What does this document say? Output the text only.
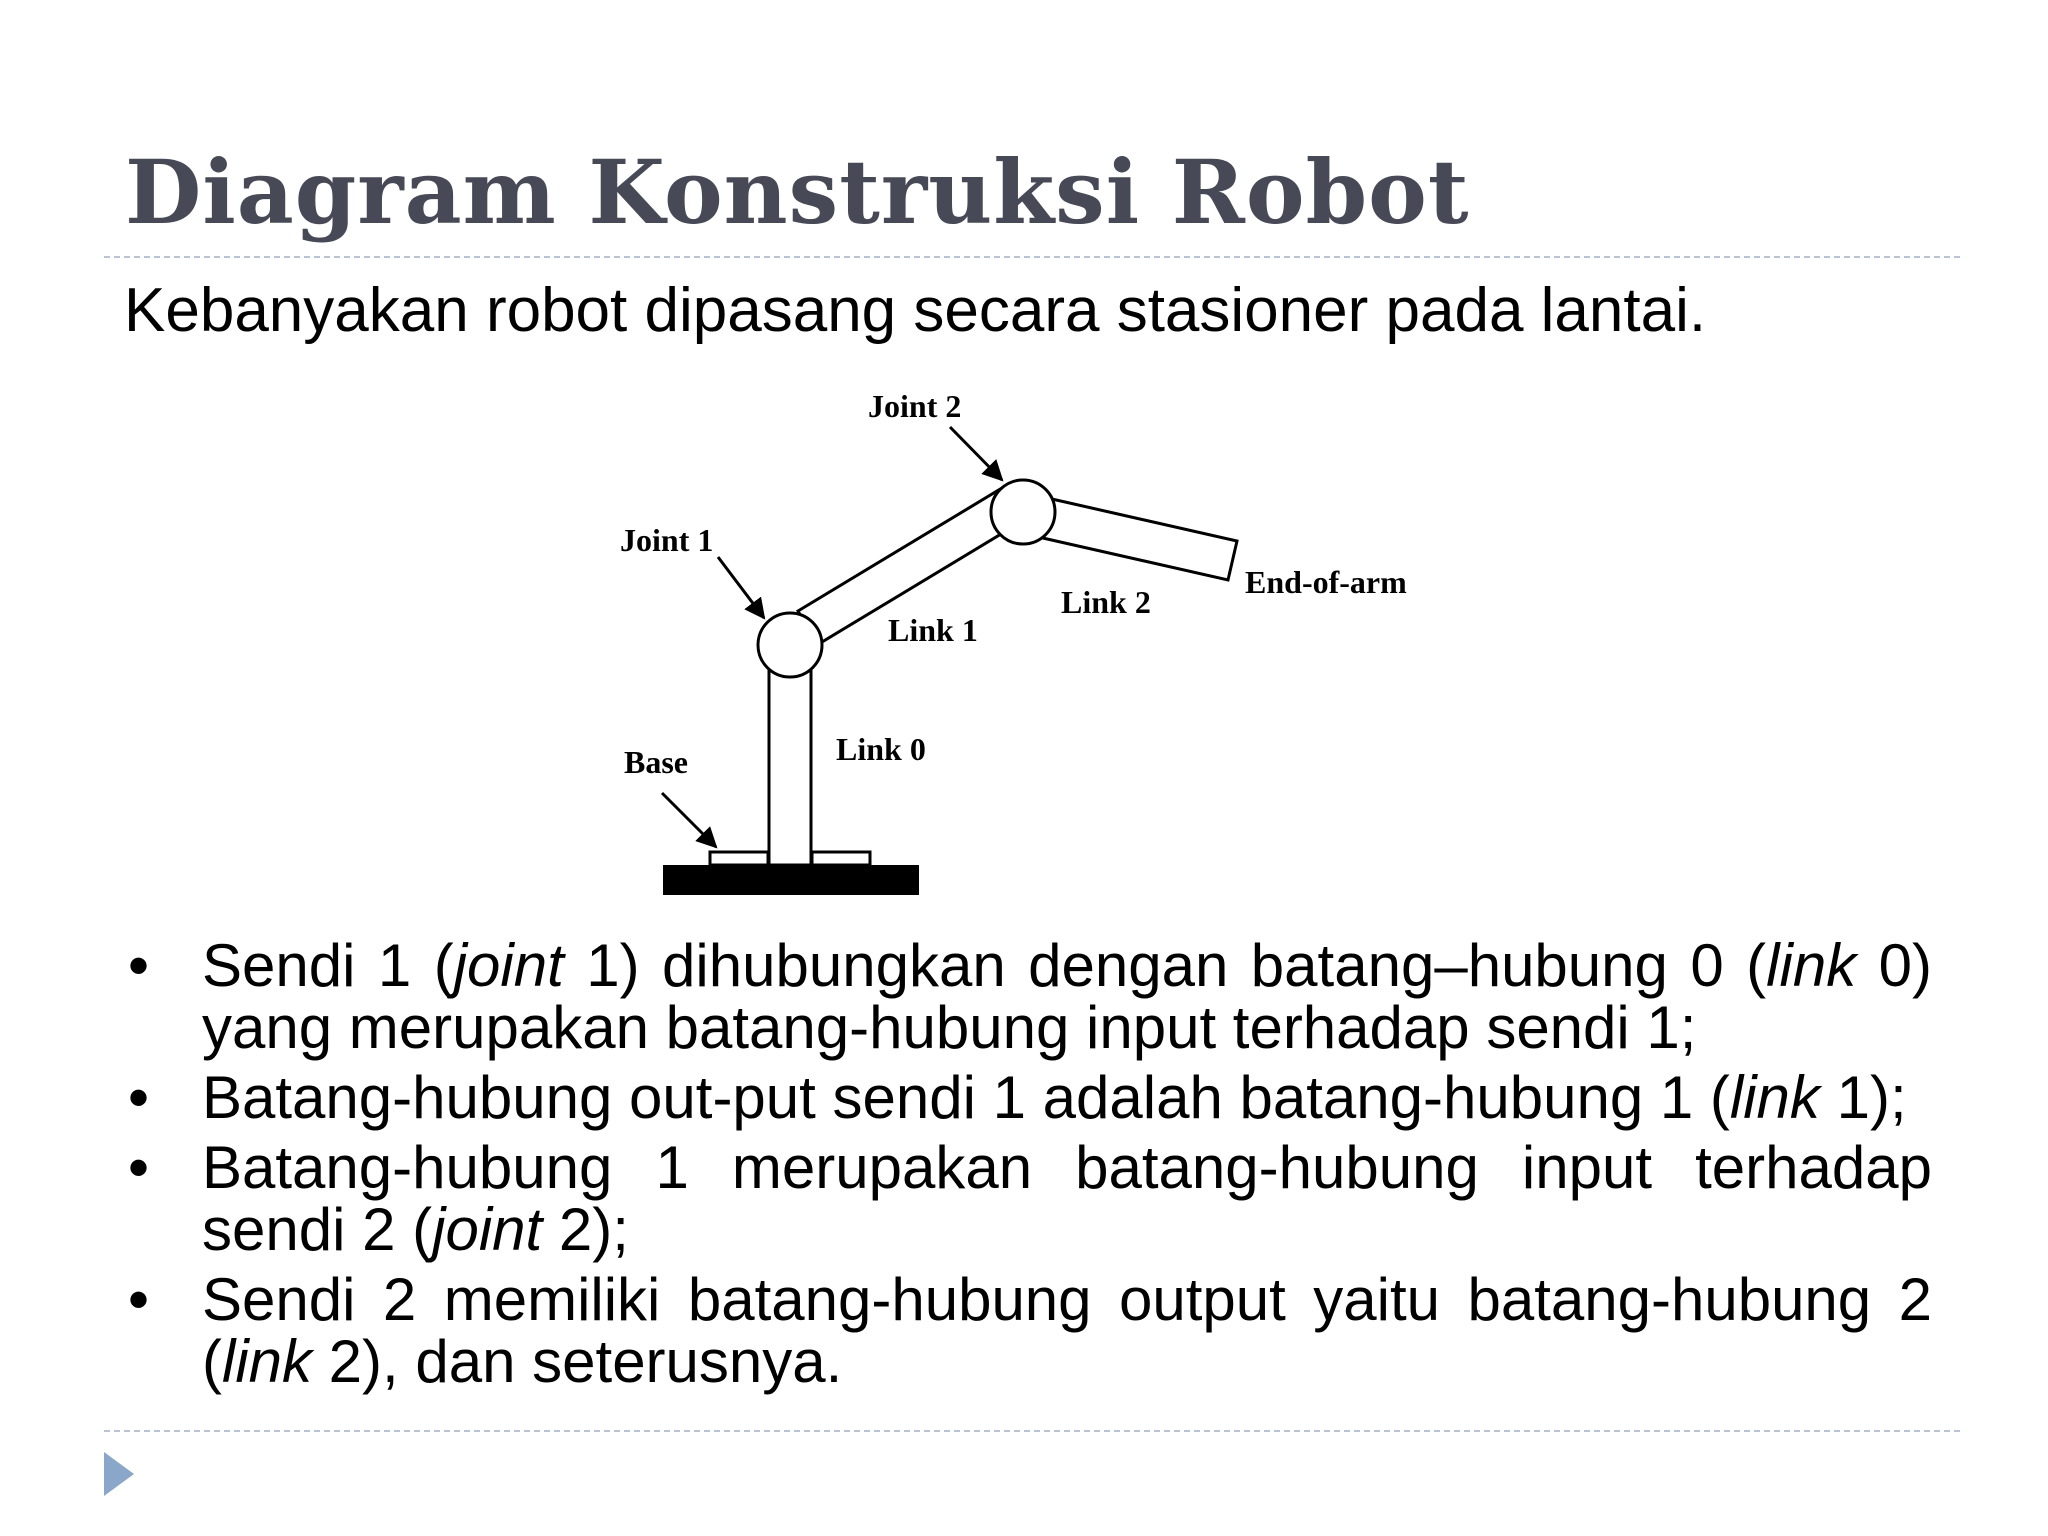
Diagram Konstruksi Robot

Kebanyakan robot dipasang secara stasioner pada lantai.

Joint 2
Joint 1
End-of-arm
Link 2
Link 1
Link 0
Base
• Sendi 1 (joint 1) dihubungkan dengan batang–hubung 0 (link 0) yang merupakan batang-hubung input terhadap sendi 1;
• Batang-hubung out-put sendi 1 adalah batang-hubung 1 (link 1);
• Batang-hubung 1 merupakan batang-hubung input terhadap sendi 2 (joint 2);
• Sendi 2 memiliki batang-hubung output yaitu batang-hubung 2 (link 2), dan seterusnya.
